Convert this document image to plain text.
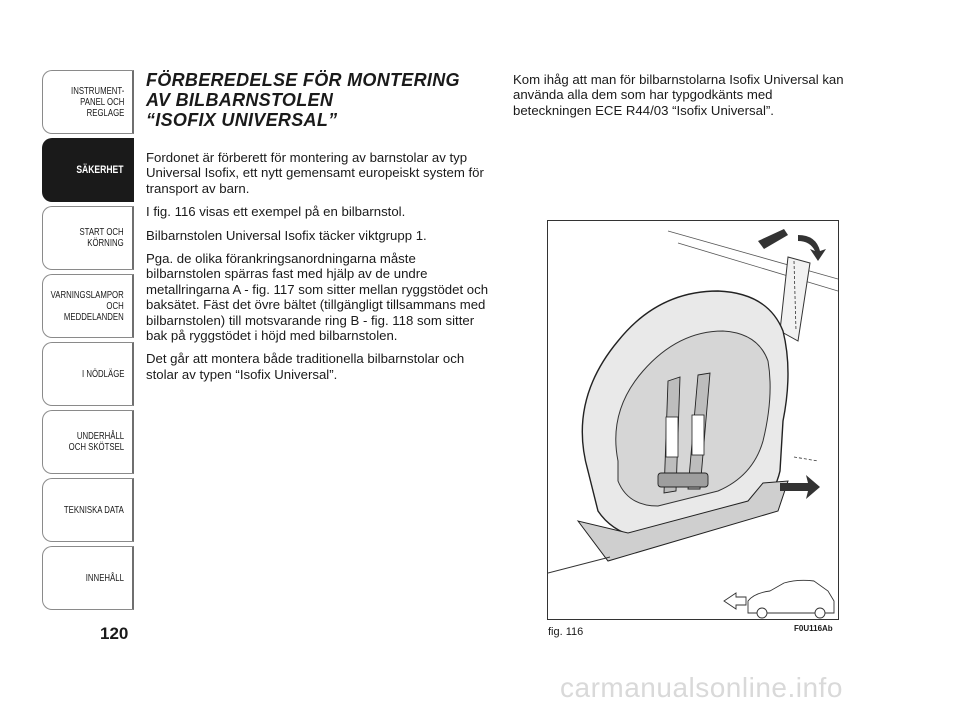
INSTRUMENT-
PANEL OCH
REGLAGE
SÄKERHET
START OCH
KÖRNING
VARNINGSLAMPOR
OCH
MEDDELANDEN
I NÖDLÄGE
UNDERHÅLL
OCH SKÖTSEL
TEKNISKA DATA
INNEHÅLL
120
FÖRBEREDELSE FÖR MONTERING
AV BILBARNSTOLEN
“ISOFIX UNIVERSAL”

Fordonet är förberett för montering av barnstolar av typ Universal Isofix, ett nytt gemensamt europeiskt system för transport av barn.

I fig. 116 visas ett exempel på en bilbarnstol.

Bilbarnstolen Universal Isofix täcker viktgrupp 1.

Pga. de olika förankringsanordningarna måste bilbarnstolen spärras fast med hjälp av de undre metallringarna A - fig. 117 som sitter mellan ryggstödet och baksätet. Fäst det övre bältet (tillgängligt tillsammans med bilbarnstolen) till motsvarande ring B - fig. 118 som sitter bak på ryggstödet i höjd med bilbarnstolen.

Det går att montera både traditionella bilbarnstolar och stolar av typen “Isofix Universal”.

Kom ihåg att man för bilbarnstolarna Isofix Universal kan använda alla dem som har typgodkänts med beteckningen ECE R44/03 “Isofix Universal”.

fig. 116	F0U116Ab
carmanualsonline.info
